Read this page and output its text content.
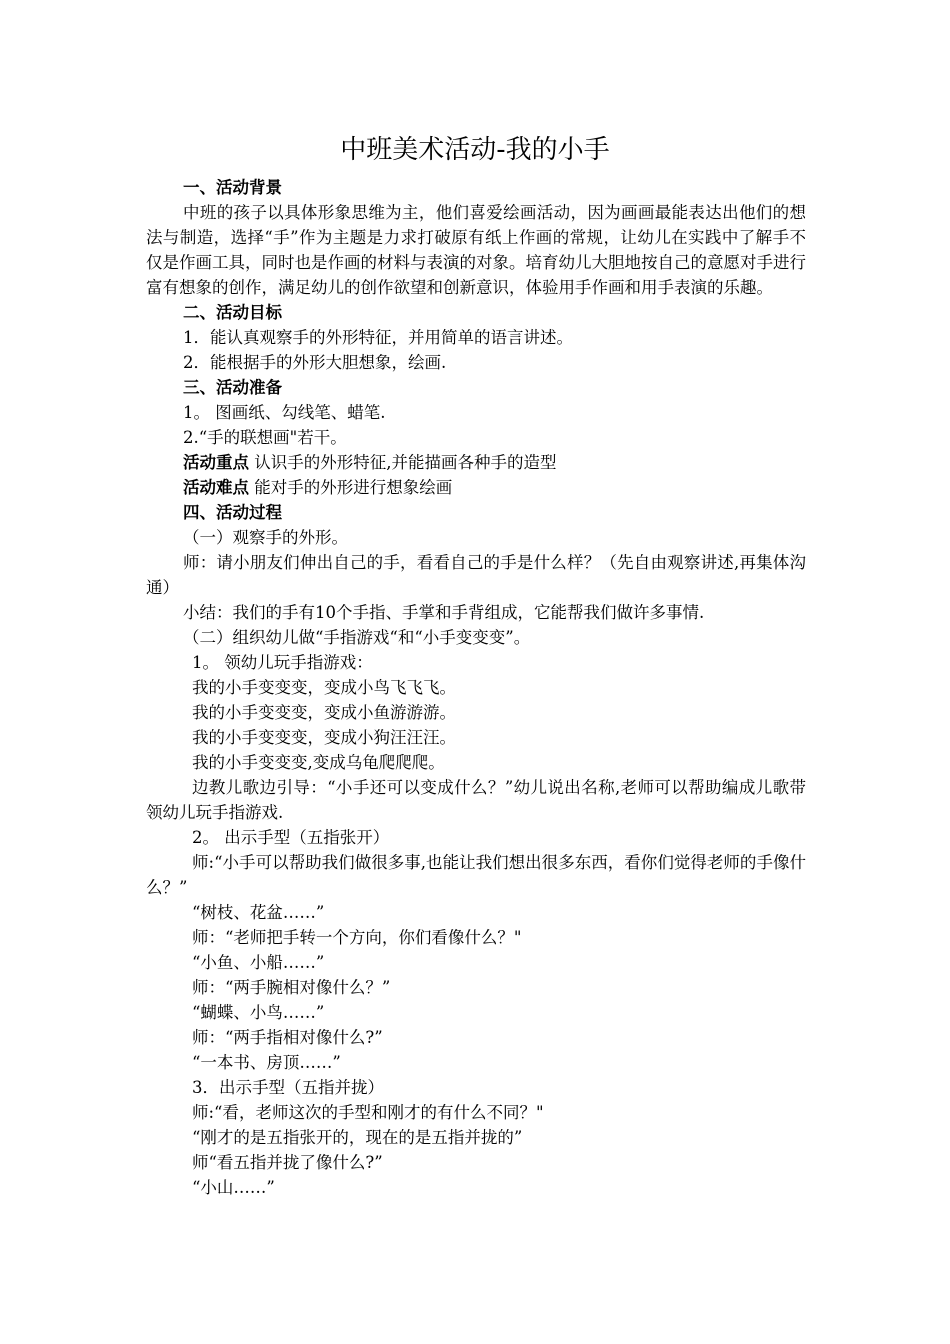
中班美术活动-我的小手

一、活动背景

中班的孩子以具体形象思维为主，他们喜爱绘画活动，因为画画最能表达出他们的想法与制造，选择“手”作为主题是力求打破原有纸上作画的常规，让幼儿在实践中了解手不仅是作画工具，同时也是作画的材料与表演的对象。培育幼儿大胆地按自己的意愿对手进行富有想象的创作，满足幼儿的创作欲望和创新意识，体验用手作画和用手表演的乐趣。

二、活动目标

1．能认真观察手的外形特征，并用简单的语言讲述。

2．能根据手的外形大胆想象，绘画.

三、活动准备

1。 图画纸、勾线笔、蜡笔.

2.“手的联想画"若干。

活动重点 认识手的外形特征,并能描画各种手的造型

活动难点 能对手的外形进行想象绘画

四、活动过程

（一）观察手的外形。

师：请小朋友们伸出自己的手，看看自己的手是什么样？（先自由观察讲述,再集体沟通）

小结：我们的手有10个手指、手掌和手背组成，它能帮我们做许多事情.

（二）组织幼儿做“手指游戏“和“小手变变变”。

1。 领幼儿玩手指游戏：

我的小手变变变，变成小鸟飞飞飞。

我的小手变变变，变成小鱼游游游。

我的小手变变变，变成小狗汪汪汪。

我的小手变变变,变成乌龟爬爬爬。

边教儿歌边引导：“小手还可以变成什么？”幼儿说出名称,老师可以帮助编成儿歌带领幼儿玩手指游戏.

2。 出示手型（五指张开）

师:“小手可以帮助我们做很多事,也能让我们想出很多东西，看你们觉得老师的手像什么？”

“树枝、花盆……”

师：“老师把手转一个方向，你们看像什么？"

“小鱼、小船……”

师：“两手腕相对像什么？”

“蝴蝶、小鸟……”

师：“两手指相对像什么?”

“一本书、房顶……”

3．出示手型（五指并拢）

师:“看，老师这次的手型和刚才的有什么不同？"

“刚才的是五指张开的，现在的是五指并拢的”

师“看五指并拢了像什么?”

“小山……”
